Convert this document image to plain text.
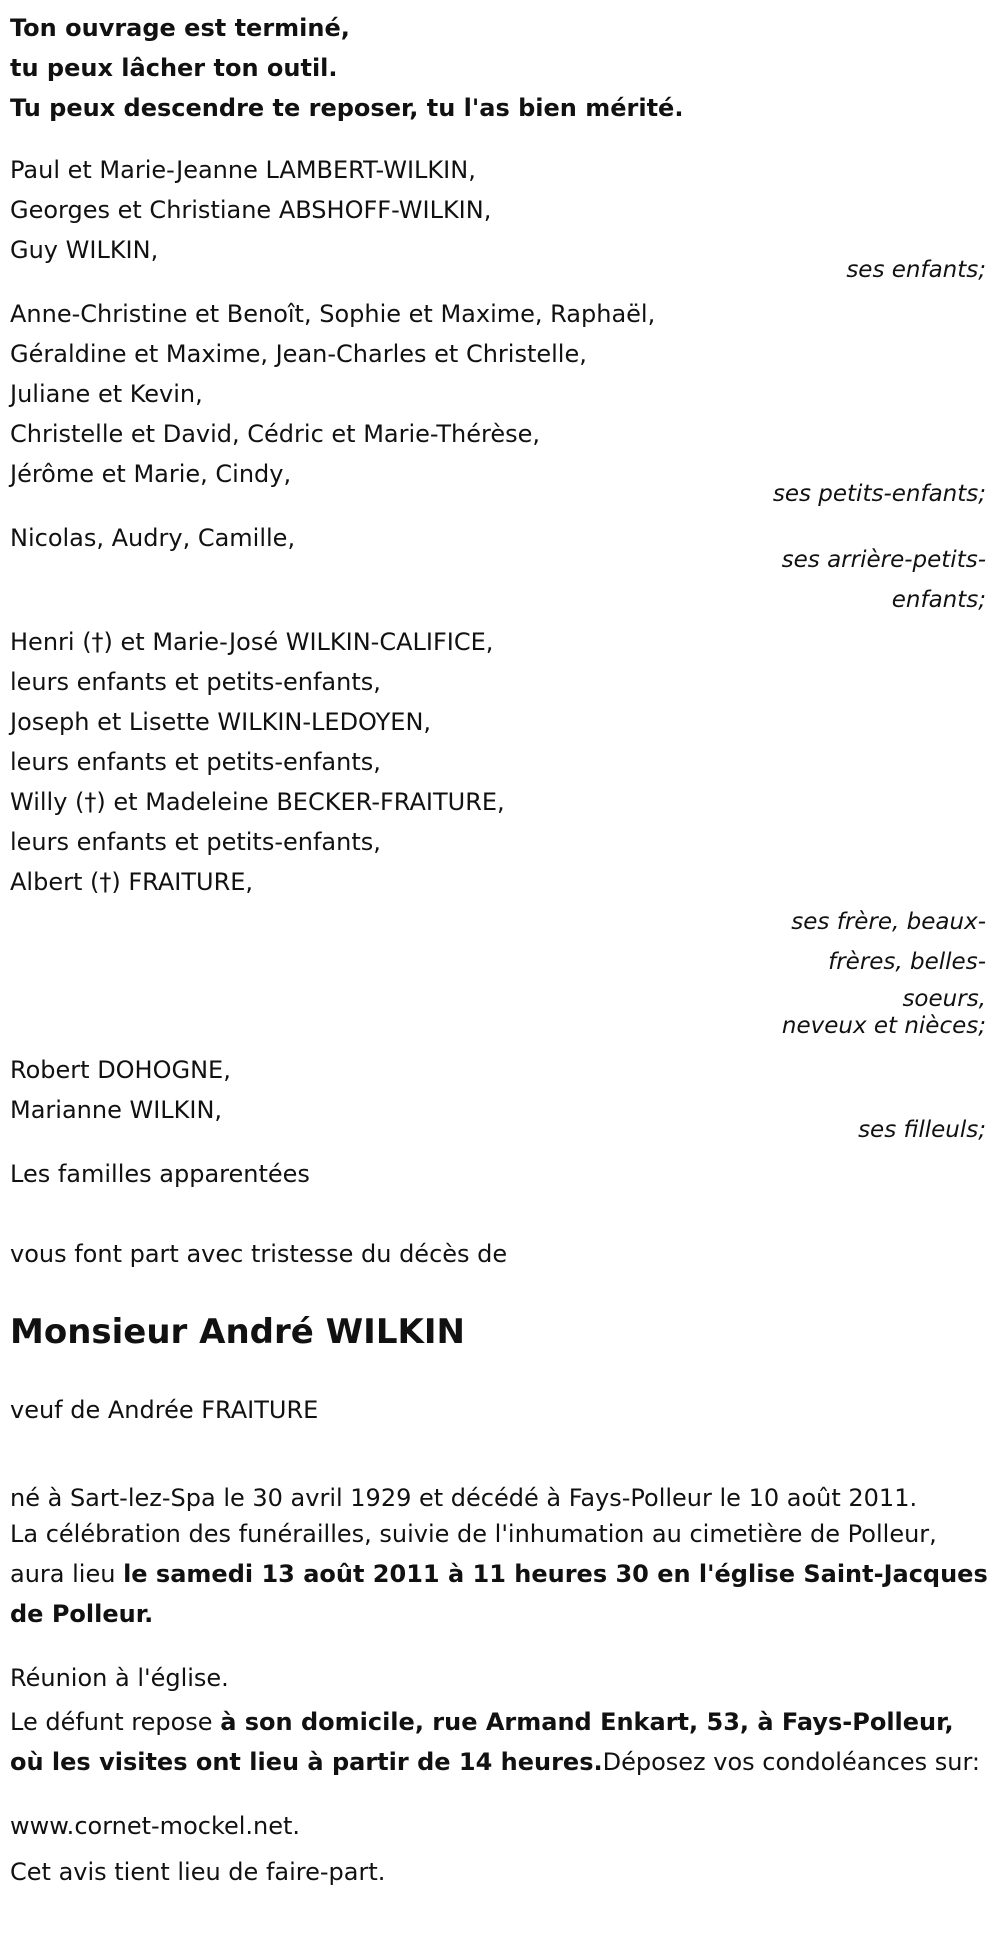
Ton ouvrage est terminé,

tu peux lâcher ton outil.

Tu peux descendre te reposer, tu l'as bien mérité.

Paul et Marie-Jeanne LAMBERT-WILKIN,

Georges et Christiane ABSHOFF-WILKIN,

Guy WILKIN,

ses enfants;

Anne-Christine et Benoît, Sophie et Maxime, Raphaël,

Géraldine et Maxime, Jean-Charles et Christelle,

Juliane et Kevin,

Christelle et David, Cédric et Marie-Thérèse,

Jérôme et Marie, Cindy,

ses petits-enfants;

Nicolas, Audry, Camille,

ses arrière-petits-

enfants;

Henri (†) et Marie-José WILKIN-CALIFICE,

leurs enfants et petits-enfants,

Joseph et Lisette WILKIN-LEDOYEN,

leurs enfants et petits-enfants,

Willy (†) et Madeleine BECKER-FRAITURE,

leurs enfants et petits-enfants,

Albert (†) FRAITURE,

ses frère, beaux-

frères, belles-

soeurs,

neveux et nièces;

Robert DOHOGNE,

Marianne WILKIN,

ses filleuls;

Les familles apparentées

vous font part avec tristesse du décès de

Monsieur André WILKIN

veuf de Andrée FRAITURE

né à Sart-lez-Spa le 30 avril 1929 et décédé à Fays-Polleur le 10 août 2011.

La célébration des funérailles, suivie de l'inhumation au cimetière de Polleur, aura lieu le samedi 13 août 2011 à 11 heures 30 en l'église Saint-Jacques de Polleur.

Réunion à l'église.

Le défunt repose à son domicile, rue Armand Enkart, 53, à Fays-Polleur, où les visites ont lieu à partir de 14 heures.Déposez vos condoléances sur:

www.cornet-mockel.net.

Cet avis tient lieu de faire-part.
